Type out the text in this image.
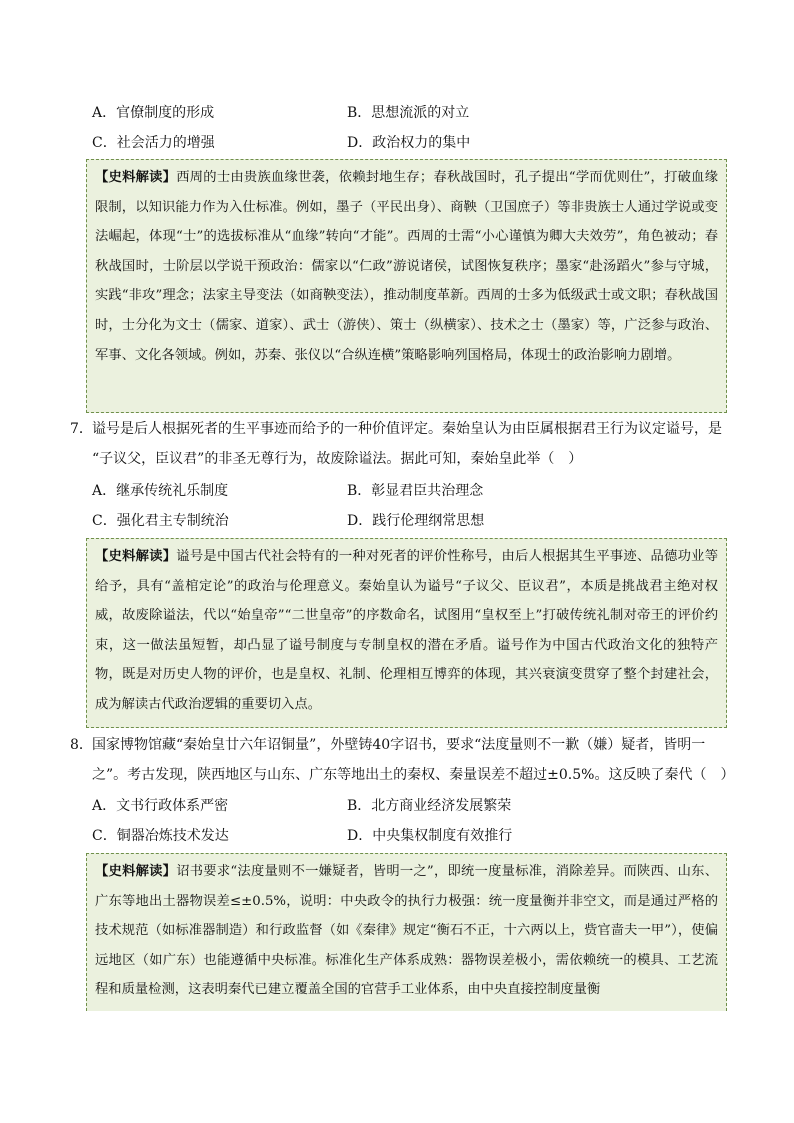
A．官僚制度的形成	B．思想流派的对立
C．社会活力的增强	D．政治权力的集中
【史料解读】西周的士由贵族血缘世袭，依赖封地生存；春秋战国时，孔子提出“学而优则仕”，打破血缘限制，以知识能力作为入仕标准。例如，墨子（平民出身）、商鞅（卫国庶子）等非贵族士人通过学说或变法崛起，体现“士”的选拔标准从“血缘”转向“才能”。西周的士需“小心谨慎为卿大夫效劳”，角色被动；春秋战国时，士阶层以学说干预政治：儒家以“仁政”游说诸侯，试图恢复秩序；墨家“赴汤蹈火”参与守城，实践“非攻”理念；法家主导变法（如商鞅变法），推动制度革新。西周的士多为低级武士或文职；春秋战国时，士分化为文士（儒家、道家）、武士（游侠）、策士（纵横家）、技术之士（墨家）等，广泛参与政治、军事、文化各领域。例如，苏秦、张仪以“合纵连横”策略影响列国格局，体现士的政治影响力剧增。
7．谥号是后人根据死者的生平事迹而给予的一种价值评定。秦始皇认为由臣属根据君王行为议定谥号，是
“子议父，臣议君”的非圣无尊行为，故废除谥法。据此可知，秦始皇此举（　）
A．继承传统礼乐制度	B．彰显君臣共治理念
C．强化君主专制统治	D．践行伦理纲常思想
【史料解读】谥号是中国古代社会特有的一种对死者的评价性称号，由后人根据其生平事迹、品德功业等给予，具有“盖棺定论”的政治与伦理意义。秦始皇认为谥号“子议父、臣议君”，本质是挑战君主绝对权威，故废除谥法，代以“始皇帝”“二世皇帝”的序数命名，试图用“皇权至上”打破传统礼制对帝王的评价约束，这一做法虽短暂，却凸显了谥号制度与专制皇权的潜在矛盾。谥号作为中国古代政治文化的独特产物，既是对历史人物的评价，也是皇权、礼制、伦理相互博弈的体现，其兴衰演变贯穿了整个封建社会，成为解读古代政治逻辑的重要切入点。
8．国家博物馆藏“秦始皇廿六年诏铜量”，外壁铸40字诏书，要求“法度量则不一歉（嫌）疑者，皆明一
之”。考古发现，陕西地区与山东、广东等地出土的秦权、秦量误差不超过±0.5%。这反映了秦代（　）
A．文书行政体系严密	B．北方商业经济发展繁荣
C．铜器冶炼技术发达	D．中央集权制度有效推行
【史料解读】诏书要求“法度量则不一嫌疑者，皆明一之”，即统一度量标准，消除差异。而陕西、山东、广东等地出土器物误差≤±0.5%，说明：中央政令的执行力极强：统一度量衡并非空文，而是通过严格的技术规范（如标准器制造）和行政监督（如《秦律》规定“衡石不正，十六两以上，赀官啬夫一甲”），使偏远地区（如广东）也能遵循中央标准。标准化生产体系成熟：器物误差极小，需依赖统一的模具、工艺流程和质量检测，这表明秦代已建立覆盖全国的官营手工业体系，由中央直接控制度量衡
